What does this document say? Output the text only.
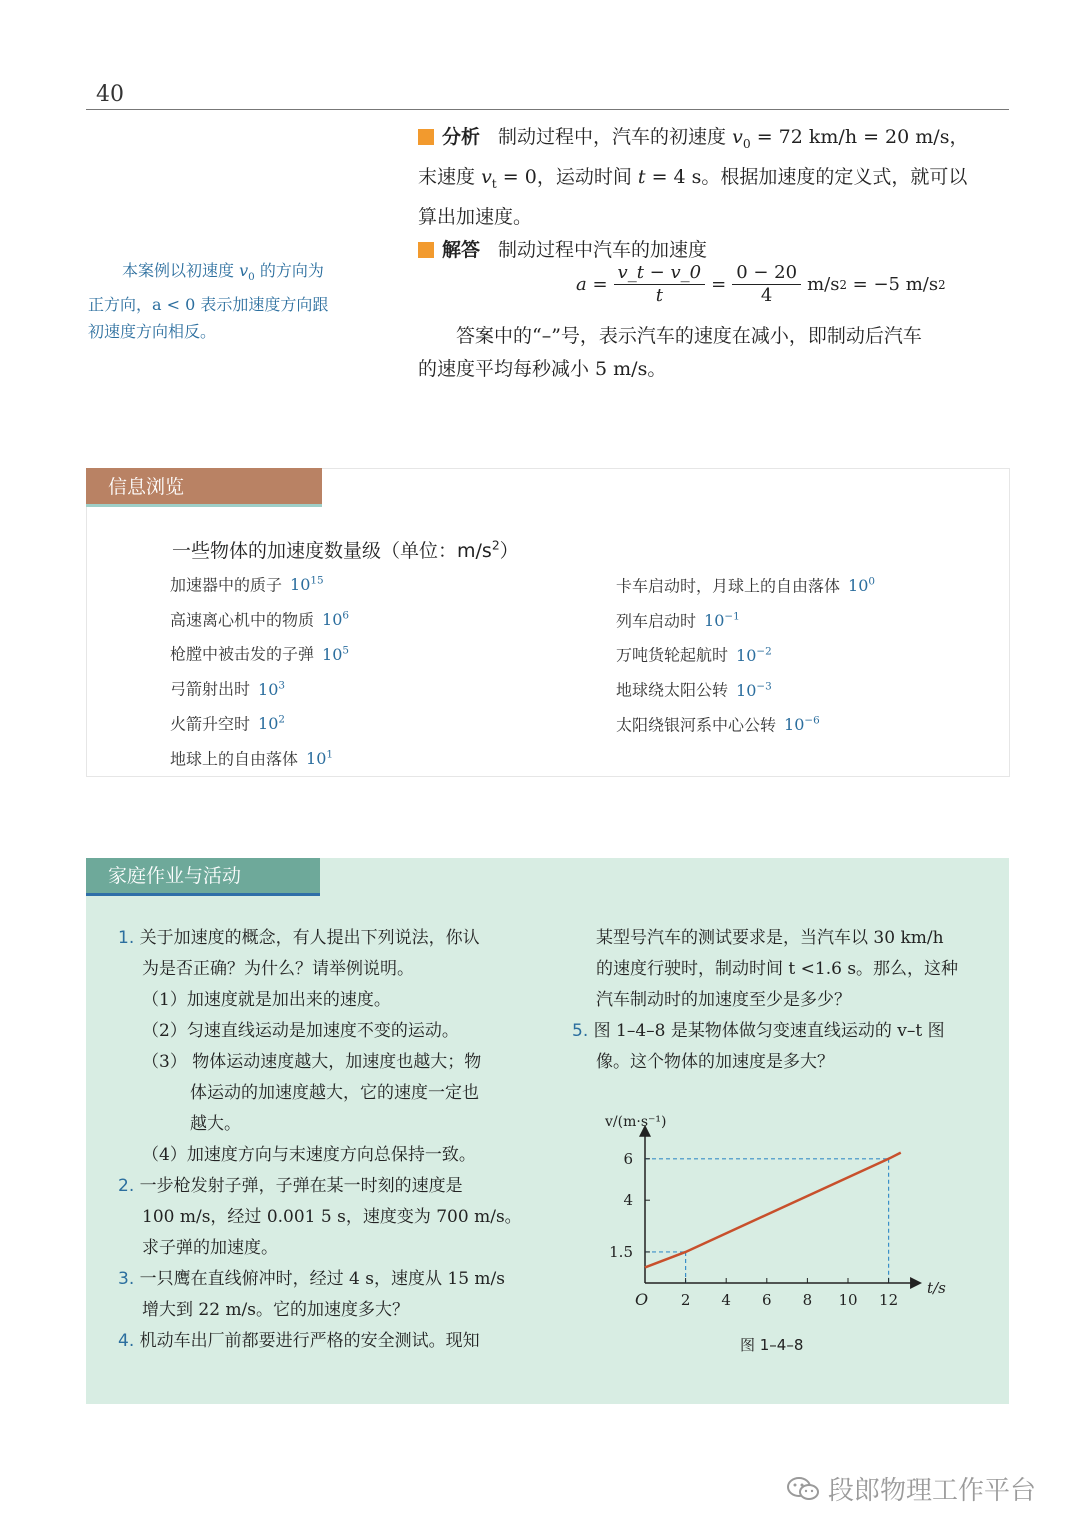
40
分析 制动过程中，汽车的初速度 $v_0 = 72$ km/h = 20 m/s，
末速度 $v_t = 0$，运动时间 t = 4 s。根据加速度的定义式，就可以
算出加速度。
解答 制动过程中汽车的加速度
$a = \frac{v\_t - v\_0}{t} = \frac{0 - 20}{4} m/s$ 2
= −5 m/s 2
答案中的“–”号，表示汽车的速度在减小，即制动后汽车
的速度平均每秒减小 5 m/s。
本案例以初速度 $v_0$ 的方向为
正方向，a < 0 表示加速度方向跟
初速度方向相反。
信息浏览
一些物体的加速度数量级（单位：$m/s^2$）
加速器中的质子 $10^{15}$
高速离心机中的物质 $10^6$
枪膛中被击发的子弹 $10^5$
弓箭射出时 $10^3$
火箭升空时 $10^2$
地球上的自由落体 $10^1$
卡车启动时，月球上的自由落体 $10^0$
列车启动时 $10^{-1}$
万吨货轮起航时 $10^{-2}$
地球绕太阳公转 $10^{-3}$
太阳绕银河系中心公转 $10^{-6}$
家庭作业与活动
1. 关于加速度的概念，有人提出下列说法，你认
为是否正确？为什么？请举例说明。
（1）加速度就是加出来的速度。
（2）匀速直线运动是加速度不变的运动。
（3） 物体运动速度越大，加速度也越大；物
体运动的加速度越大，它的速度一定也
越大。
（4）加速度方向与末速度方向总保持一致。
2. 一步枪发射子弹，子弹在某一时刻的速度是
100 m/s，经过 0.001 5 s，速度变为 700 m/s。
求子弹的加速度。
3. 一只鹰在直线俯冲时，经过 4 s，速度从 15 m/s
增大到 22 m/s。它的加速度多大？
4. 机动车出厂前都要进行严格的安全测试。现知
某型号汽车的测试要求是，当汽车以 30 km/h
的速度行驶时，制动时间 t <1.6 s。那么，这种
汽车制动时的加速度至少是多少？
5. 图 1–4–8 是某物体做匀变速直线运动的 v–t 图
像。这个物体的加速度是多大？
2 4 6 8 10 12
1.5
4
6
t/s
v/(m·s⁻¹)
O
图 1–4–8
段郎物理工作平台
